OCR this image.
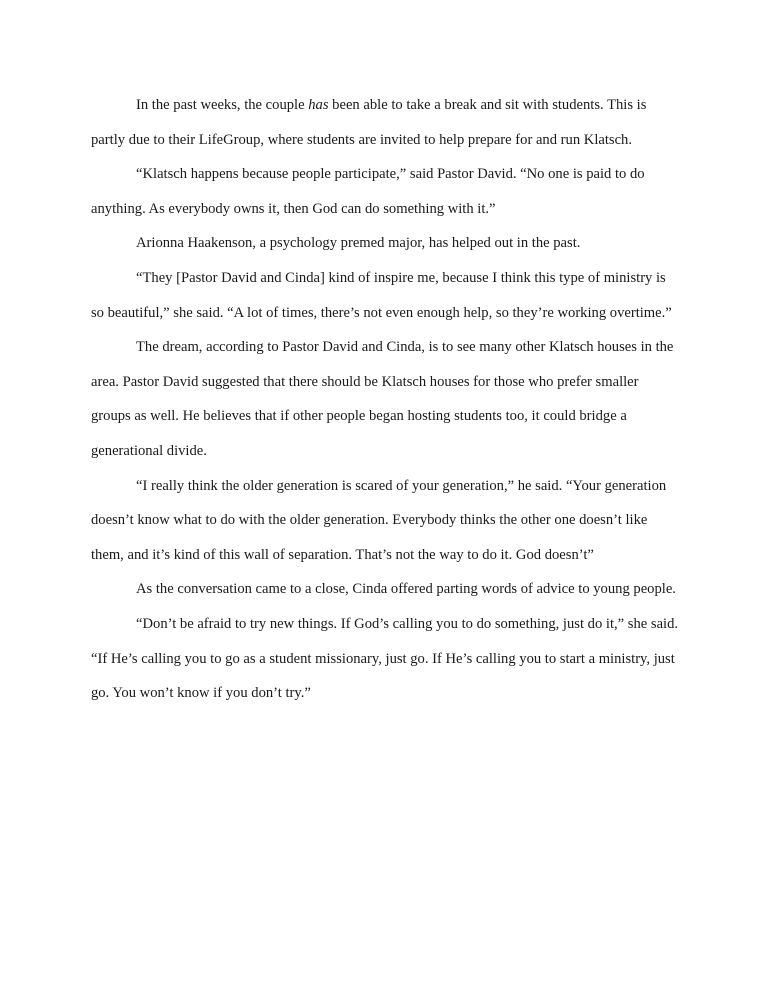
In the past weeks, the couple has been able to take a break and sit with students. This is partly due to their LifeGroup, where students are invited to help prepare for and run Klatsch.

“Klatsch happens because people participate,” said Pastor David. “No one is paid to do anything. As everybody owns it, then God can do something with it.”

Arionna Haakenson, a psychology premed major, has helped out in the past.

“They [Pastor David and Cinda] kind of inspire me, because I think this type of ministry is so beautiful,” she said. “A lot of times, there’s not even enough help, so they’re working overtime.”

The dream, according to Pastor David and Cinda, is to see many other Klatsch houses in the area. Pastor David suggested that there should be Klatsch houses for those who prefer smaller groups as well. He believes that if other people began hosting students too, it could bridge a generational divide.

“I really think the older generation is scared of your generation,” he said. “Your generation doesn’t know what to do with the older generation. Everybody thinks the other one doesn’t like them, and it’s kind of this wall of separation. That’s not the way to do it. God doesn’t”

As the conversation came to a close, Cinda offered parting words of advice to young people.

“Don’t be afraid to try new things. If God’s calling you to do something, just do it,” she said. “If He’s calling you to go as a student missionary, just go. If He’s calling you to start a ministry, just go. You won’t know if you don’t try.”
